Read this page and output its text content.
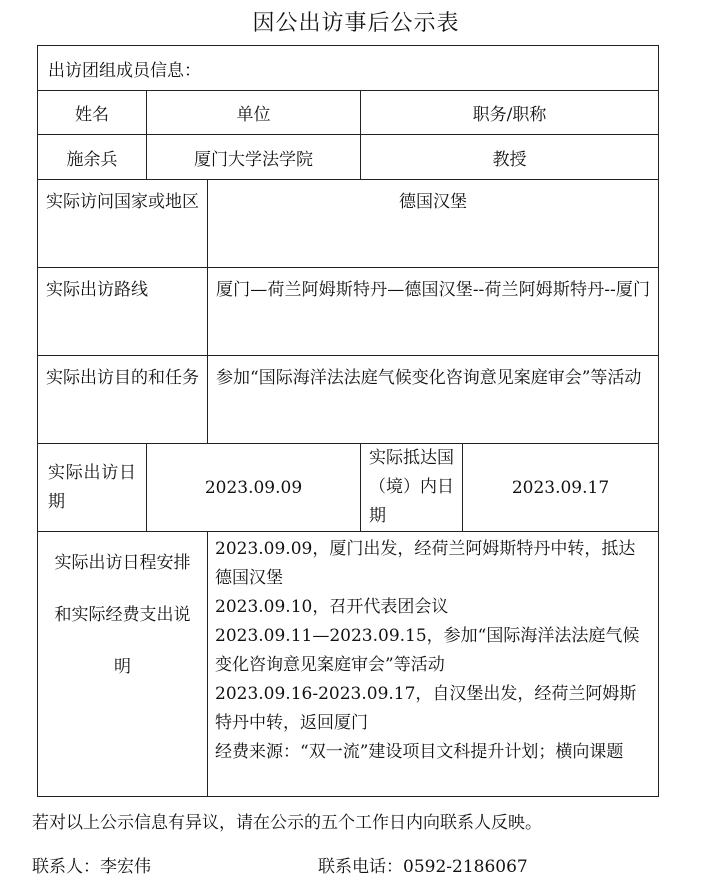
因公出访事后公示表
出访团组成员信息：				
姓名	单位		职务/职称	
施余兵	厦门大学法学院		教授	
实际访问国家或地区		德国汉堡		
实际出访路线		厦门—荷兰阿姆斯特丹—德国汉堡--荷兰阿姆斯特丹--厦门		
实际出访目的和任务		参加“国际海洋法法庭气候变化咨询意见案庭审会”等活动		
实际出访日期	2023.09.09		实际抵达国（境）内日期	2023.09.17

实际出访日程安排和实际经费支出说明		2023.09.09，厦门出发，经荷兰阿姆斯特丹中转，抵达德国汉堡
2023.09.10，召开代表团会议
2023.09.11—2023.09.15，参加“国际海洋法法庭气候变化咨询意见案庭审会”等活动
2023.09.16-2023.09.17，自汉堡出发，经荷兰阿姆斯特丹中转，返回厦门
经费来源：“双一流”建设项目文科提升计划；横向课题		
若对以上公示信息有异议，请在公示的五个工作日内向联系人反映。
联系人：李宏伟	联系电话：0592-2186067
